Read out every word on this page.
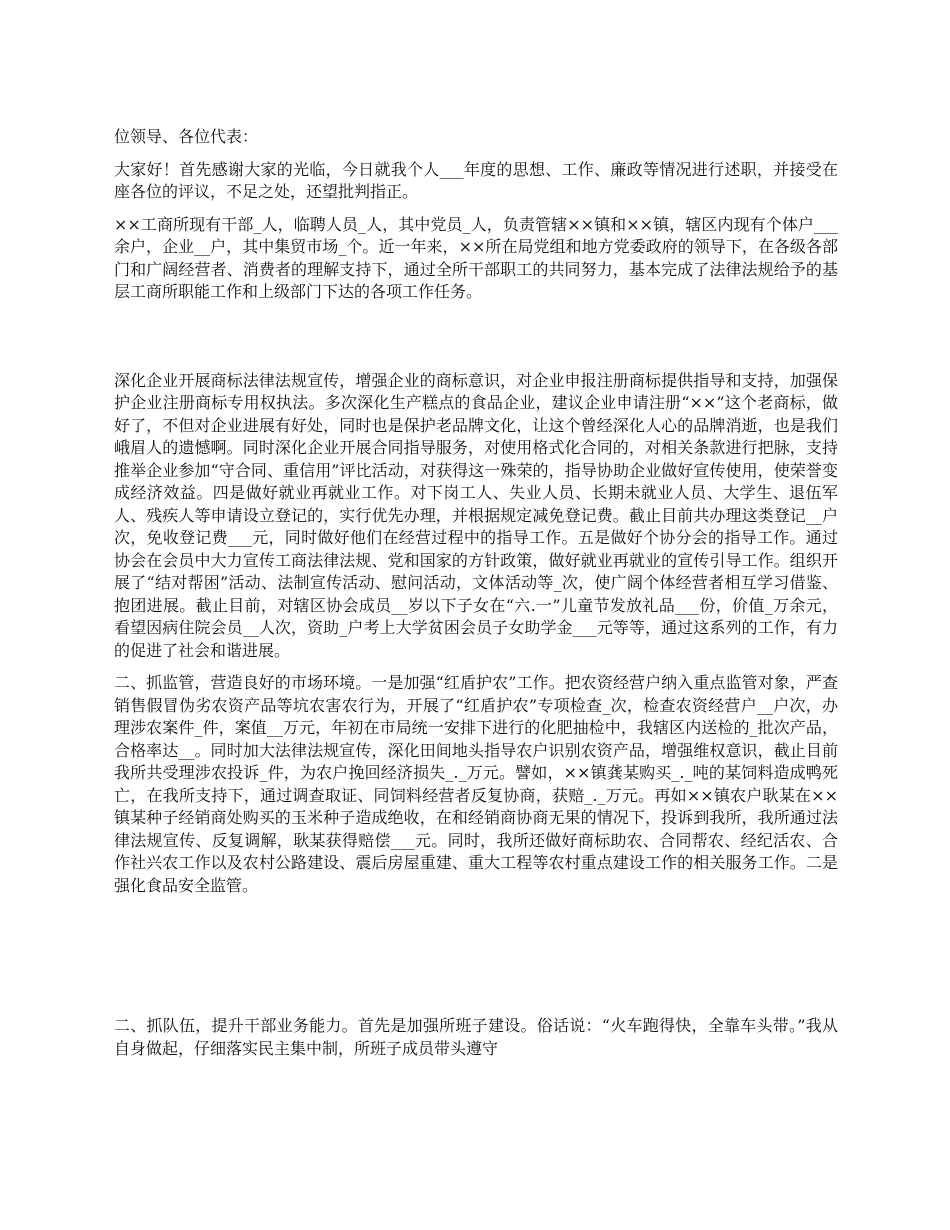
位领导、各位代表：

大家好！首先感谢大家的光临，今日就我个人___年度的思想、工作、廉政等情况进行述职，并接受在座各位的评议，不足之处，还望批判指正。

××工商所现有干部_人，临聘人员_人，其中党员_人，负责管辖××镇和××镇，辖区内现有个体户___余户，企业__户，其中集贸市场_个。近一年来，××所在局党组和地方党委政府的领导下，在各级各部门和广阔经营者、消费者的理解支持下，通过全所干部职工的共同努力，基本完成了法律法规给予的基层工商所职能工作和上级部门下达的各项工作任务。

深化企业开展商标法律法规宣传，增强企业的商标意识，对企业申报注册商标提供指导和支持，加强保护企业注册商标专用权执法。多次深化生产糕点的食品企业，建议企业申请注册“××”这个老商标，做好了，不但对企业进展有好处，同时也是保护老品牌文化，让这个曾经深化人心的品牌消逝，也是我们峨眉人的遗憾啊。同时深化企业开展合同指导服务，对使用格式化合同的，对相关条款进行把脉，支持推举企业参加“守合同、重信用”评比活动，对获得这一殊荣的，指导协助企业做好宣传使用，使荣誉变成经济效益。四是做好就业再就业工作。对下岗工人、失业人员、长期未就业人员、大学生、退伍军人、残疾人等申请设立登记的，实行优先办理，并根据规定减免登记费。截止目前共办理这类登记__户次，免收登记费___元，同时做好他们在经营过程中的指导工作。五是做好个协分会的指导工作。通过协会在会员中大力宣传工商法律法规、党和国家的方针政策，做好就业再就业的宣传引导工作。组织开展了“结对帮困”活动、法制宣传活动、慰问活动，文体活动等_次，使广阔个体经营者相互学习借鉴、抱团进展。截止目前，对辖区协会成员__岁以下子女在“六.一”儿童节发放礼品___份，价值_万余元，看望因病住院会员__人次，资助_户考上大学贫困会员子女助学金___元等等，通过这系列的工作，有力的促进了社会和谐进展。

二、抓监管，营造良好的市场环境。一是加强“红盾护农”工作。把农资经营户纳入重点监管对象，严查销售假冒伪劣农资产品等坑农害农行为，开展了“红盾护农”专项检查_次，检查农资经营户__户次，办理涉农案件_件，案值__万元，年初在市局统一安排下进行的化肥抽检中，我辖区内送检的_批次产品，合格率达__。同时加大法律法规宣传，深化田间地头指导农户识别农资产品，增强维权意识，截止目前我所共受理涉农投诉_件，为农户挽回经济损失_._万元。譬如，××镇龚某购买_._吨的某饲料造成鸭死亡，在我所支持下，通过调查取证、同饲料经营者反复协商，获赔_._万元。再如××镇农户耿某在××镇某种子经销商处购买的玉米种子造成绝收，在和经销商协商无果的情况下，投诉到我所，我所通过法律法规宣传、反复调解，耿某获得赔偿___元。同时，我所还做好商标助农、合同帮农、经纪活农、合作社兴农工作以及农村公路建设、震后房屋重建、重大工程等农村重点建设工作的相关服务工作。二是强化食品安全监管。

二、抓队伍，提升干部业务能力。首先是加强所班子建设。俗话说：“火车跑得快，全靠车头带。”我从自身做起，仔细落实民主集中制，所班子成员带头遵守
